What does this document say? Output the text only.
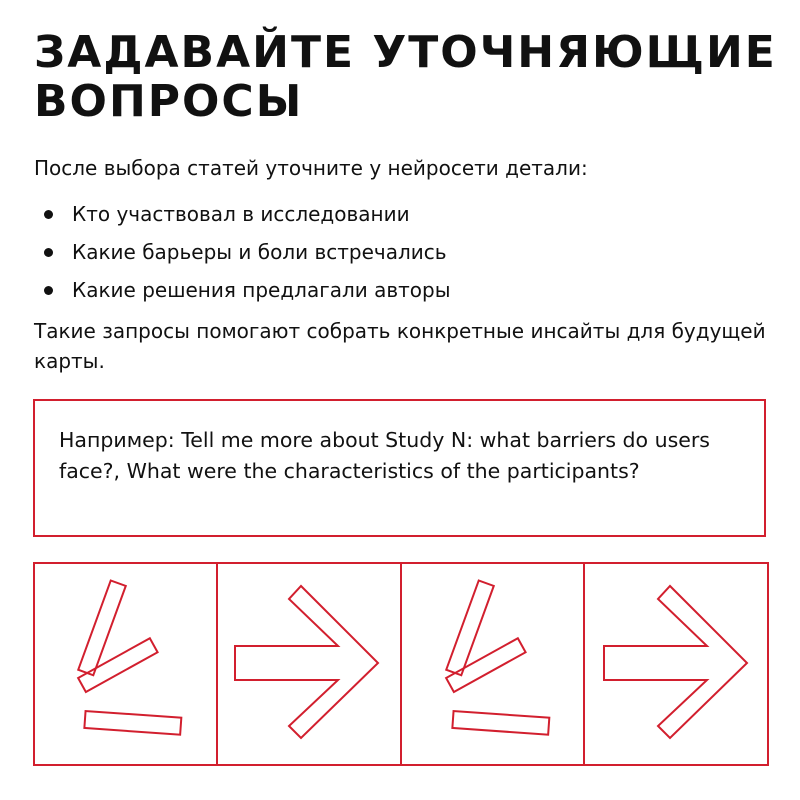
ЗАДАВАЙТЕ УТОЧНЯЮЩИЕ
ВОПРОСЫ

После выбора статей уточните у нейросети детали:

Кто участвовал в исследовании
Какие барьеры и боли встречались
Какие решения предлагали авторы

Такие запросы помогают собрать конкретные инсайты для будущей карты.

Например: Tell me more about Study N: what barriers do users face?, What were the characteristics of the participants?
